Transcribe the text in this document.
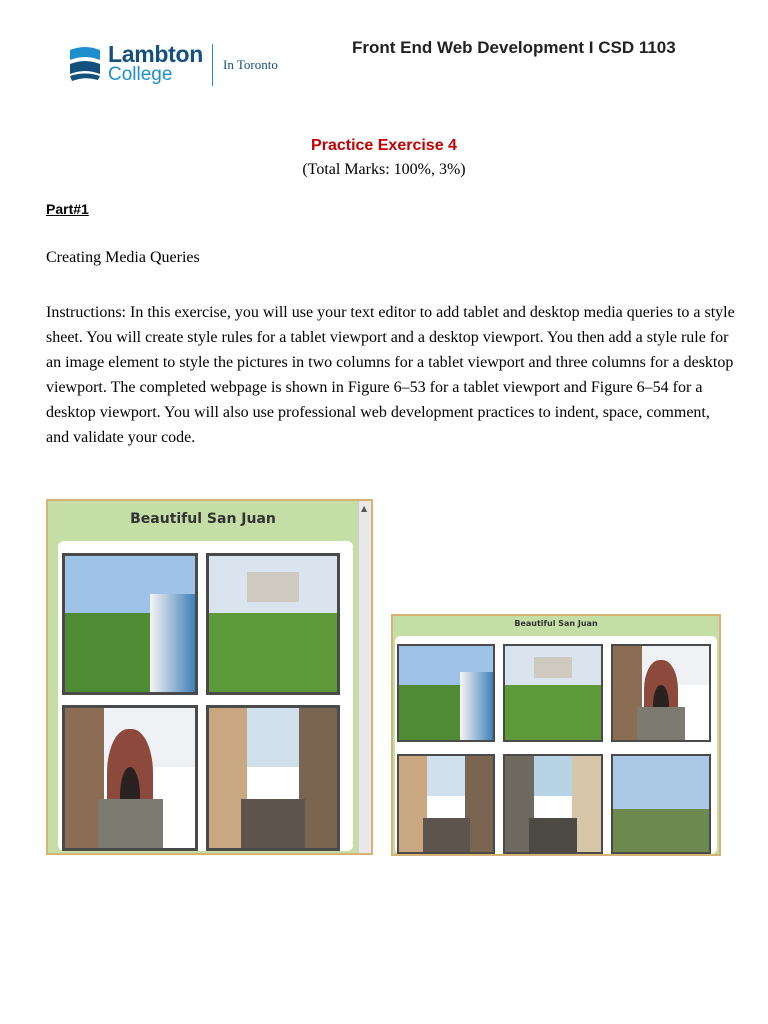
Lambton
College	In Toronto
Front End Web Development I CSD 1103
Practice Exercise 4
(Total Marks: 100%, 3%)
Part#1
Creating Media Queries

Instructions: In this exercise, you will use your text editor to add tablet and desktop media queries to a style sheet. You will create style rules for a tablet viewport and a desktop viewport. You then add a style rule for an image element to style the pictures in two columns for a tablet viewport and three columns for a desktop viewport. The completed webpage is shown in Figure 6–53 for a tablet viewport and Figure 6–54 for a desktop viewport. You will also use professional web development practices to indent, space, comment, and validate your code.

Beautiful San Juan
▲
Beautiful San Juan
